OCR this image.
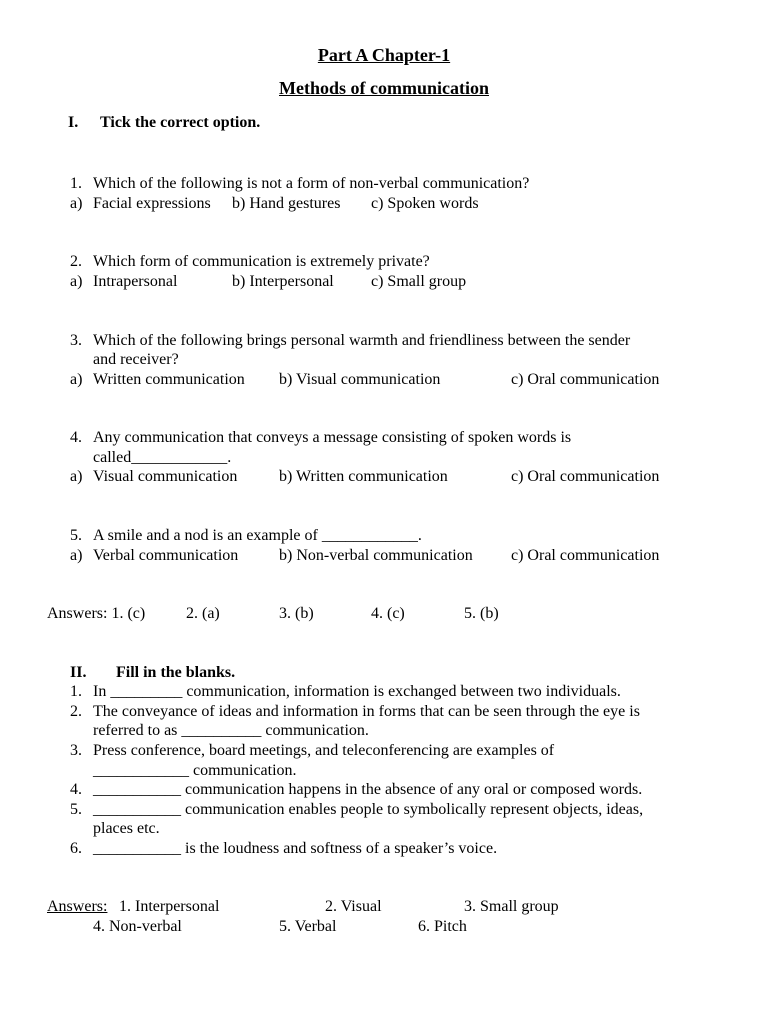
Part A Chapter-1
Methods of communication
I. Tick the correct option.
1. Which of the following is not a form of non-verbal communication?
a) Facial expressions b) Hand gestures c) Spoken words
2. Which form of communication is extremely private?
a) Intrapersonal	b) Interpersonal c) Small group
3. Which of the following brings personal warmth and friendliness between the sender
and receiver?
a) Written communication b) Visual communication	c) Oral communication
4. Any communication that conveys a message consisting of spoken words is
called____________.
a) Visual communication	b) Written communication	c) Oral communication
5. A smile and a nod is an example of ____________.
a) Verbal communication	b) Non-verbal communication c) Oral communication
Answers: 1. (c)	2. (a)	3. (b)	4. (c)	5. (b)
II. Fill in the blanks.
1. In _________ communication, information is exchanged between two individuals.
2. The conveyance of ideas and information in forms that can be seen through the eye is
referred to as __________ communication.
3. Press conference, board meetings, and teleconferencing are examples of
____________ communication.
4. ___________ communication happens in the absence of any oral or composed words.
5. ___________ communication enables people to symbolically represent objects, ideas,
places etc.
6. ___________ is the loudness and softness of a speaker’s voice.
Answers: 1. Interpersonal	2. Visual	3. Small group
4. Non-verbal	5. Verbal	6. Pitch
